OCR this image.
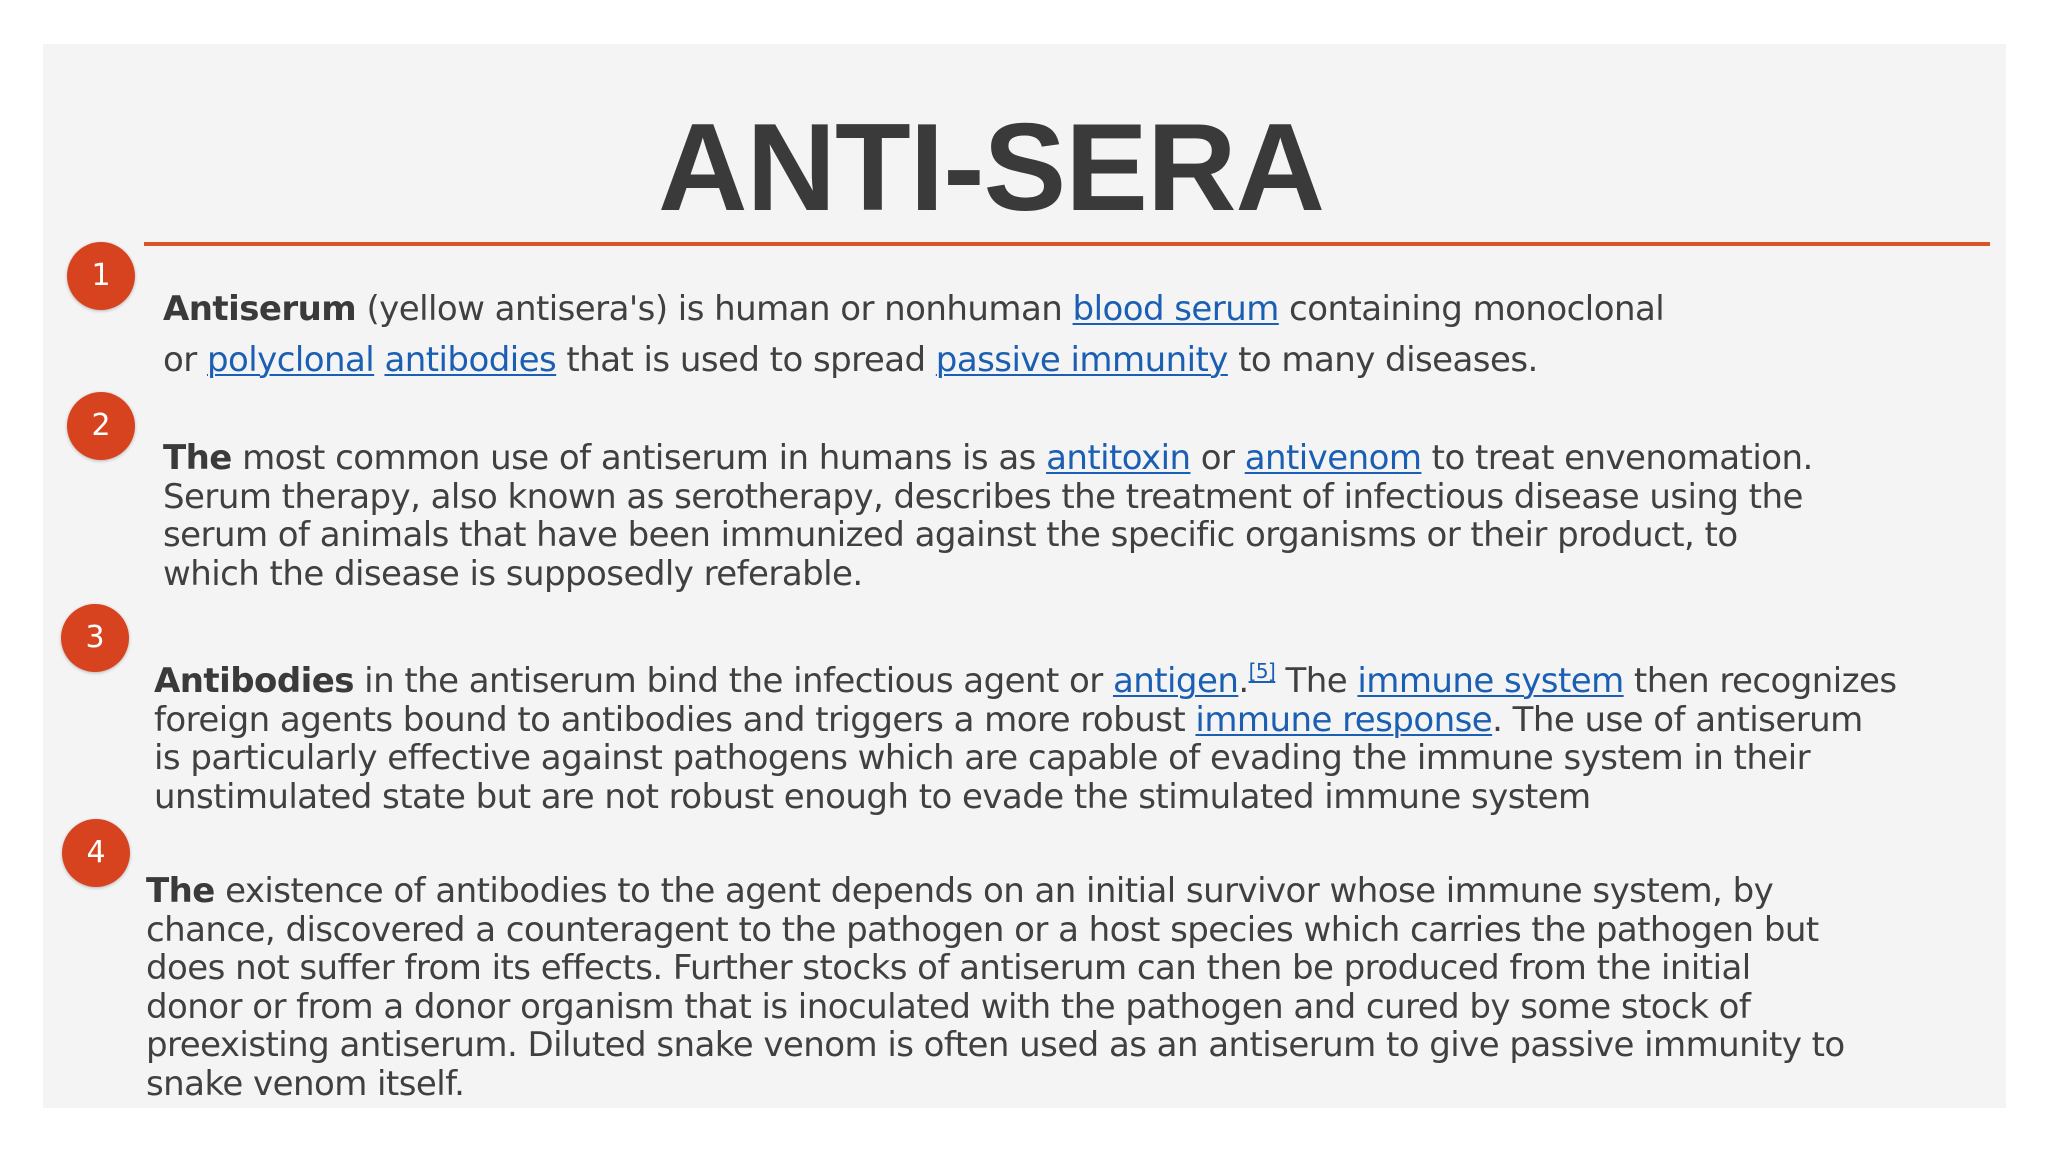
ANTI-SERA
1
Antiserum (yellow antisera's) is human or nonhuman blood serum containing monoclonal
or polyclonal antibodies that is used to spread passive immunity to many diseases.
2
The most common use of antiserum in humans is as antitoxin or antivenom to treat envenomation.
Serum therapy, also known as serotherapy, describes the treatment of infectious disease using the
serum of animals that have been immunized against the specific organisms or their product, to
which the disease is supposedly referable.
3
Antibodies in the antiserum bind the infectious agent or antigen.[5] The immune system then recognizes
foreign agents bound to antibodies and triggers a more robust immune response. The use of antiserum
is particularly effective against pathogens which are capable of evading the immune system in their
unstimulated state but are not robust enough to evade the stimulated immune system
4
The existence of antibodies to the agent depends on an initial survivor whose immune system, by
chance, discovered a counteragent to the pathogen or a host species which carries the pathogen but
does not suffer from its effects. Further stocks of antiserum can then be produced from the initial
donor or from a donor organism that is inoculated with the pathogen and cured by some stock of
preexisting antiserum. Diluted snake venom is often used as an antiserum to give passive immunity to
snake venom itself.
